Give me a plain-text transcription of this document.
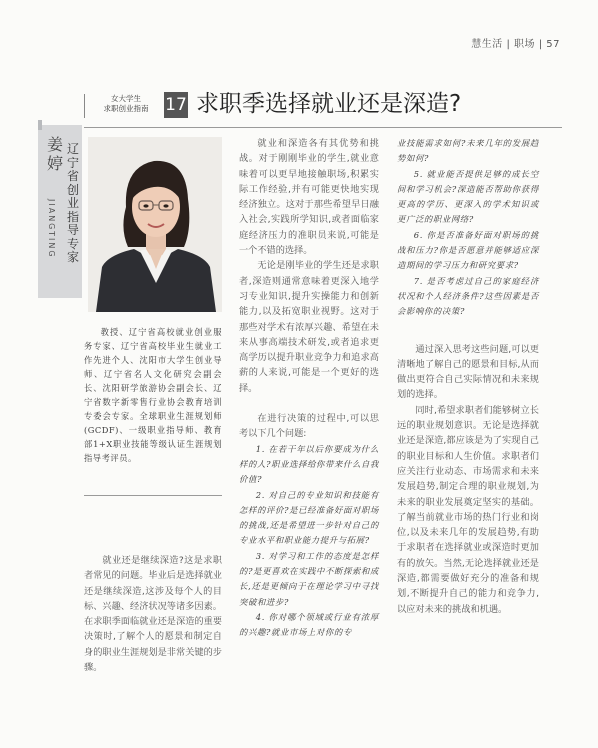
慧生活 | 职场 | 57
女大学生
求职创业指南 17 求职季选择就业还是深造?
姜
婷
JIANGTING
辽宁省创业指导专家
教授、辽宁省高校就业创业服务专家、辽宁省高校毕业生就业工作先进个人、沈阳市大学生创业导师、辽宁省名人文化研究会副会长、沈阳研学旅游协会副会长、辽宁省数字新零售行业协会教育培训专委会专家。全球职业生涯规划师(GCDF)、一级职业指导师、教育部1+X职业技能等级认证生涯规划指导考评员。

就业还是继续深造?这是求职者常见的问题。毕业后是选择就业还是继续深造,这涉及每个人的目标、兴趣、经济状况等诸多因素。在求职季面临就业还是深造的重要决策时,了解个人的愿景和制定自身的职业生涯规划是非常关键的步骤。

就业和深造各有其优势和挑战。对于刚刚毕业的学生,就业意味着可以更早地接触职场,积累实际工作经验,并有可能更快地实现经济独立。这对于那些希望早日融入社会,实践所学知识,或者面临家庭经济压力的准职员来说,可能是一个不错的选择。

无论是刚毕业的学生还是求职者,深造则通常意味着更深入地学习专业知识,提升实操能力和创新能力,以及拓宽职业视野。这对于那些对学术有浓厚兴趣、希望在未来从事高端技术研发,或者追求更高学历以提升职业竞争力和追求高薪的人来说,可能是一个更好的选择。

在进行决策的过程中,可以思考以下几个问题:

1. 在若干年以后你要成为什么样的人?职业选择给你带来什么自我价值?

2. 对自己的专业知识和技能有怎样的评价?是已经准备好面对职场的挑战,还是希望进一步针对自己的专业水平和职业能力提升与拓展?

3. 对学习和工作的态度是怎样的?是更喜欢在实践中不断探索和成长,还是更倾向于在理论学习中寻找突破和进步?

4. 你对哪个领域或行业有浓厚的兴趣?就业市场上对你的专

业技能需求如何?未来几年的发展趋势如何?

5. 就业能否提供足够的成长空间和学习机会?深造能否帮助你获得更高的学历、更深入的学术知识或更广泛的职业网络?

6. 你是否准备好面对职场的挑战和压力?你是否愿意并能够适应深造期间的学习压力和研究要求?

7. 是否考虑过自己的家庭经济状况和个人经济条件?这些因素是否会影响你的决策?

通过深入思考这些问题,可以更清晰地了解自己的愿景和目标,从而做出更符合自己实际情况和未来规划的选择。

同时,希望求职者们能够树立长远的职业规划意识。无论是选择就业还是深造,都应该是为了实现自己的职业目标和人生价值。求职者们应关注行业动态、市场需求和未来发展趋势,制定合理的职业规划,为未来的职业发展奠定坚实的基础。了解当前就业市场的热门行业和岗位,以及未来几年的发展趋势,有助于求职者在选择就业或深造时更加有的放矢。当然,无论选择就业还是深造,都需要做好充分的准备和规划,不断提升自己的能力和竞争力,以应对未来的挑战和机遇。
